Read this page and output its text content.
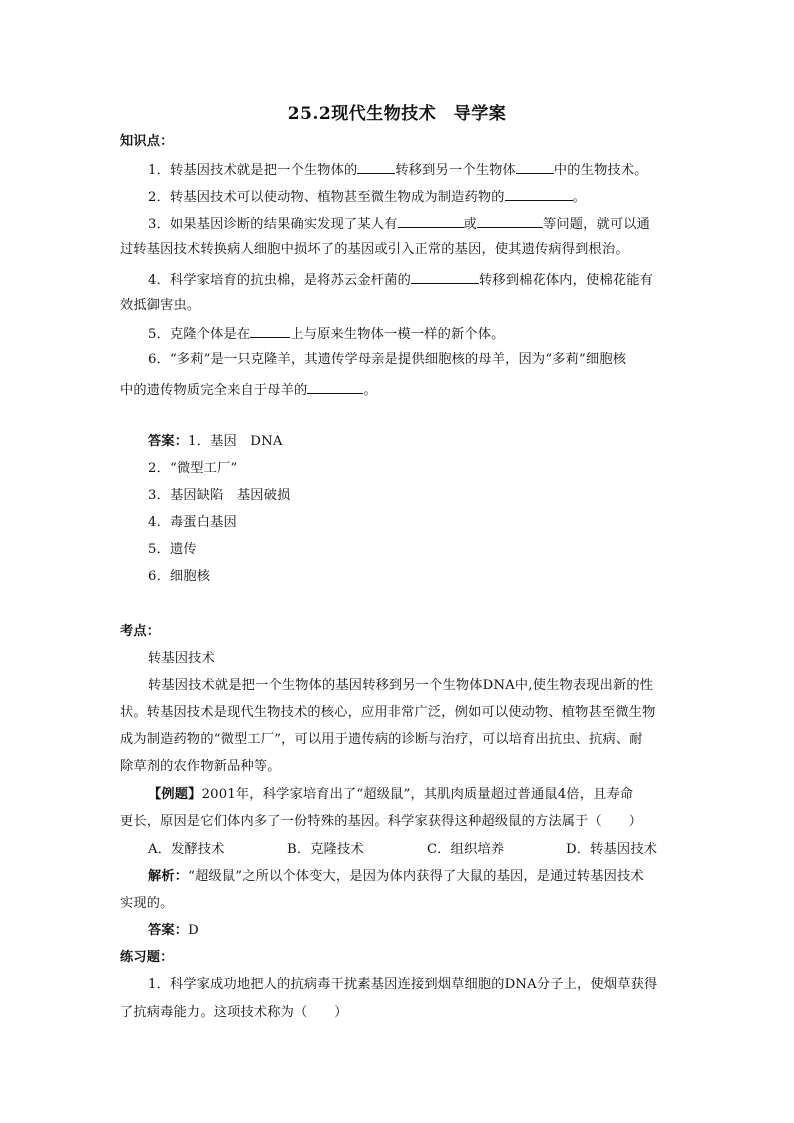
25.2现代生物技术　导学案
知识点：
1．转基因技术就是把一个生物体的	转移到另一个生物体	中的生物技术。
2．转基因技术可以使动物、植物甚至微生物成为制造药物的	。
3．如果基因诊断的结果确实发现了某人有	或	等问题，就可以通
过转基因技术转换病人细胞中损坏了的基因或引入正常的基因，使其遗传病得到根治。
4．科学家培育的抗虫棉，是将苏云金杆菌的	转移到棉花体内，使棉花能有
效抵御害虫。
5．克隆个体是在	上与原来生物体一模一样的新个体。
6．“多莉”是一只克隆羊，其遗传学母亲是提供细胞核的母羊，因为“多莉”细胞核
中的遗传物质完全来自于母羊的	。
答案：1．基因　DNA
2．“微型工厂”
3．基因缺陷　基因破损
4．毒蛋白基因
5．遗传
6．细胞核
考点：
转基因技术
转基因技术就是把一个生物体的基因转移到另一个生物体DNA中,使生物表现出新的性
状。转基因技术是现代生物技术的核心，应用非常广泛，例如可以使动物、植物甚至微生物
成为制造药物的“微型工厂”，可以用于遗传病的诊断与治疗，可以培育出抗虫、抗病、耐
除草剂的农作物新品种等。
【例题】2001年，科学家培育出了“超级鼠”，其肌肉质量超过普通鼠4倍，且寿命
更长，原因是它们体内多了一份特殊的基因。科学家获得这种超级鼠的方法属于（　　）
A．发酵技术	B．克隆技术	C．组织培养	D．转基因技术
解析：“超级鼠”之所以个体变大，是因为体内获得了大鼠的基因，是通过转基因技术
实现的。
答案：D
练习题：
1．科学家成功地把人的抗病毒干扰素基因连接到烟草细胞的DNA分子上，使烟草获得
了抗病毒能力。这项技术称为（　　）
